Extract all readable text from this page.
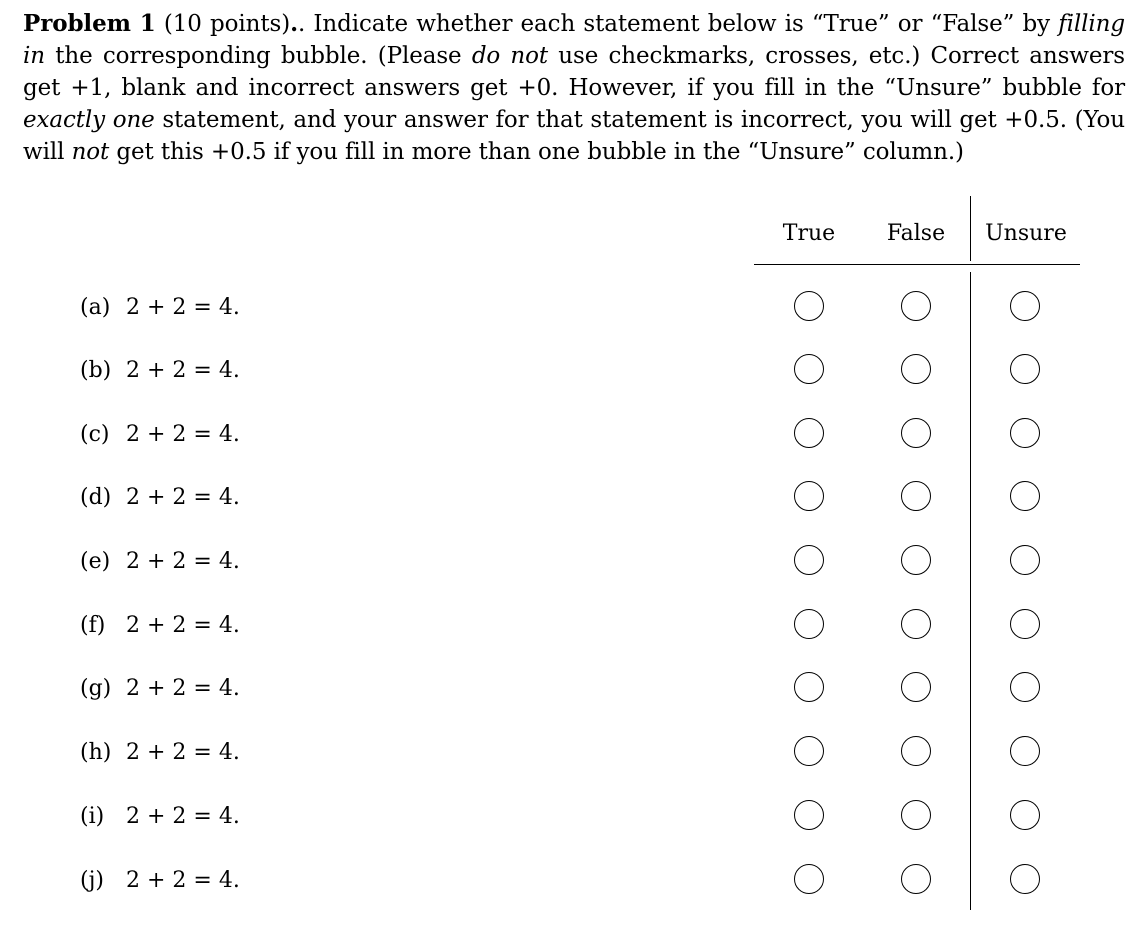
Problem 1 (10 points).. Indicate whether each statement below is “True” or “False” by filling in the corresponding bubble. (Please do not use checkmarks, crosses, etc.) Correct answers get +1, blank and incorrect answers get +0. However, if you fill in the “Unsure” bubble for exactly one statement, and your answer for that statement is incorrect, you will get +0.5. (You will not get this +0.5 if you fill in more than one bubble in the “Unsure” column.)
True	False	Unsure
(a) 2 + 2 = 4.
(b) 2 + 2 = 4.
(c) 2 + 2 = 4.
(d) 2 + 2 = 4.
(e) 2 + 2 = 4.
(f) 2 + 2 = 4.
(g) 2 + 2 = 4.
(h) 2 + 2 = 4.
(i) 2 + 2 = 4.
(j) 2 + 2 = 4.
